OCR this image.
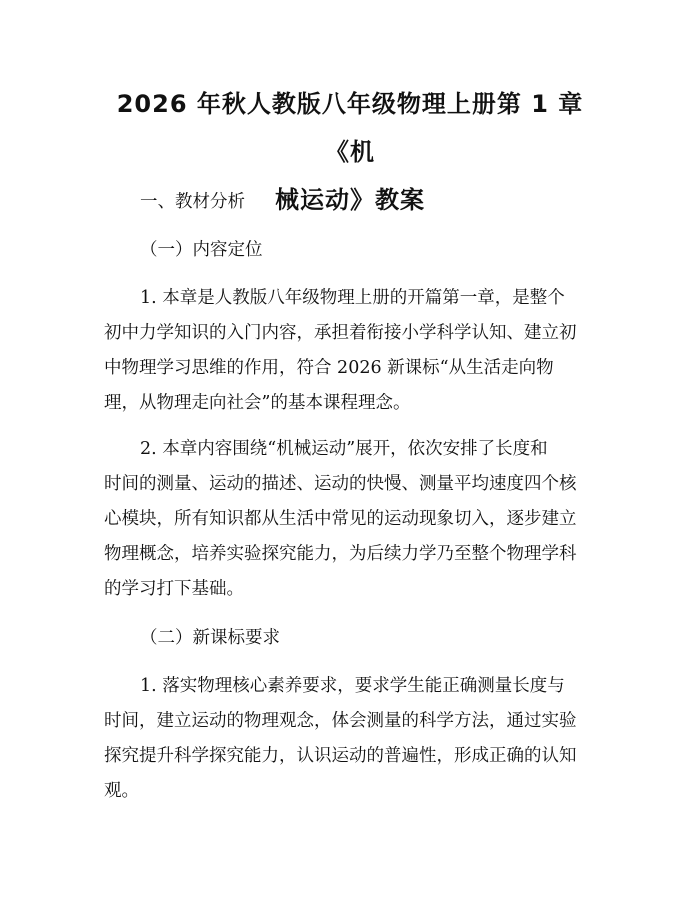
2026 年秋人教版八年级物理上册第 1 章《机
械运动》教案
一、教材分析
（一）内容定位
1. 本章是人教版八年级物理上册的开篇第一章，是整个
初中力学知识的入门内容，承担着衔接小学科学认知、建立初
中物理学习思维的作用，符合 2026 新课标“从生活走向物
理，从物理走向社会”的基本课程理念。
2. 本章内容围绕“机械运动”展开，依次安排了长度和
时间的测量、运动的描述、运动的快慢、测量平均速度四个核
心模块，所有知识都从生活中常见的运动现象切入，逐步建立
物理概念，培养实验探究能力，为后续力学乃至整个物理学科
的学习打下基础。
（二）新课标要求
1. 落实物理核心素养要求，要求学生能正确测量长度与
时间，建立运动的物理观念，体会测量的科学方法，通过实验
探究提升科学探究能力，认识运动的普遍性，形成正确的认知
观。
